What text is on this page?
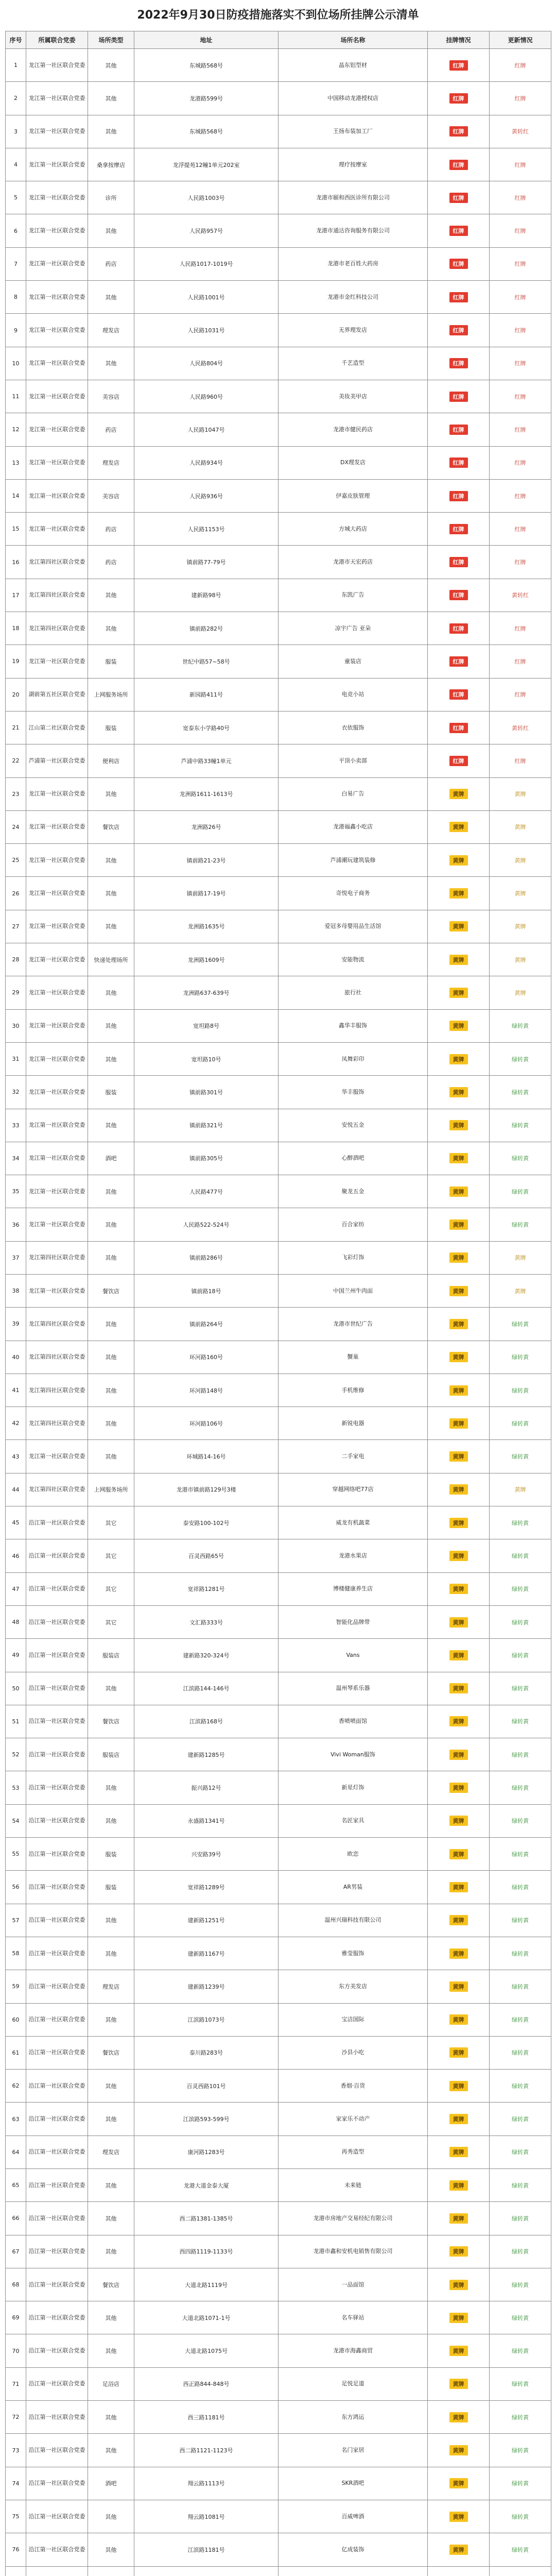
2022年9月30日防疫措施落实不到位场所挂牌公示清单
序号	所属联合党委	场所类型	地址	场所名称	挂牌情况	更新情况
1	龙江第一社区联合党委	其他	东城路568号	晶东铝型材	红牌	红牌
2	龙江第一社区联合党委	其他	龙港路599号	中国移动龙港授权店	红牌	红牌
3	龙江第一社区联合党委	其他	东城路568号	王扬布装加工厂	红牌	黄转红
4	龙江第一社区联合党委	桑拿按摩店	龙浮提苑12幢1单元202室	理疗按摩室	红牌	红牌
5	龙江第一社区联合党委	诊所	人民路1003号	龙港市颐和西医诊所有限公司	红牌	红牌
6	龙江第一社区联合党委	其他	人民路957号	龙港市通达咨询服务有限公司	红牌	红牌
7	龙江第一社区联合党委	药店	人民路1017-1019号	龙港市老百姓大药房	红牌	红牌
8	龙江第一社区联合党委	其他	人民路1001号	龙港市金红科技公司	红牌	红牌
9	龙江第一社区联合党委	理发店	人民路1031号	无界理发店	红牌	红牌
10	龙江第一社区联合党委	其他	人民路804号	千艺造型	红牌	红牌
11	龙江第一社区联合党委	美容店	人民路960号	美妆美甲店	红牌	红牌
12	龙江第一社区联合党委	药店	人民路1047号	龙港市健民药店	红牌	红牌
13	龙江第一社区联合党委	理发店	人民路934号	DX理发店	红牌	红牌
14	龙江第一社区联合党委	美容店	人民路936号	伊嘉皮肤管理	红牌	红牌
15	龙江第一社区联合党委	药店	人民路1153号	方城大药店	红牌	红牌
16	龙江第四社区联合党委	药店	镇前路77-79号	龙港市天宏药店	红牌	红牌
17	龙江第四社区联合党委	其他	建新路98号	东凯广告	红牌	黄转红
18	龙江第四社区联合党委	其他	镇前路282号	凉宇广告 亚朵	红牌	红牌
19	龙江第一社区联合党委	服装	世纪中路57~58号	童装店	红牌	红牌
20	湖前第五社区联合党委	上网服务场所	新园路411号	电竞小站	红牌	红牌
21	江山第二社区联合党委	服装	宽泰东小学路40号	衣依服饰	红牌	黄转红
22	芦浦第一社区联合党委	便利店	芦浦中路33幢1单元	平顶小卖部	红牌	红牌
23	龙江第一社区联合党委	其他	龙洲路1611-1613号	白易广告	黄牌	黄牌
24	龙江第一社区联合党委	餐饮店	龙洲路26号	龙港福鑫小吃店	黄牌	黄牌
25	龙江第一社区联合党委	其他	镇前路21-23号	芦浦潮玩建筑装修	黄牌	黄牌
26	龙江第一社区联合党委	其他	镇前路17-19号	奇悦电子商务	黄牌	黄牌
27	龙江第一社区联合党委	其他	龙洲路1635号	爱冠多母婴用品生活馆	黄牌	黄牌
28	龙江第一社区联合党委	快递处理场所	龙洲路1609号	安能物流	黄牌	黄牌
29	龙江第一社区联合党委	其他	龙洲路637-639号	旅行社	黄牌	黄牌
30	龙江第一社区联合党委	其他	宽坦路8号	鑫华丰服饰	黄牌	绿转黄
31	龙江第一社区联合党委	其他	宽坦路10号	凤舞彩印	黄牌	绿转黄
32	龙江第一社区联合党委	服装	镇前路301号	华丰服饰	黄牌	绿转黄
33	龙江第一社区联合党委	其他	镇前路321号	安悦五金	黄牌	绿转黄
34	龙江第一社区联合党委	酒吧	镇前路305号	心醉酒吧	黄牌	绿转黄
35	龙江第一社区联合党委	其他	人民路477号	聚龙五金	黄牌	绿转黄
36	龙江第一社区联合党委	其他	人民路522-524号	百合家纺	黄牌	绿转黄
37	龙江第四社区联合党委	其他	镇前路286号	飞彩灯饰	黄牌	黄牌
38	龙江第一社区联合党委	餐饮店	镇前路18号	中国兰州牛肉面	黄牌	黄牌
39	龙江第四社区联合党委	其他	镇前路264号	龙港市世纪广告	黄牌	绿转黄
40	龙江第四社区联合党委	其他	环河路160号	蟹巢	黄牌	绿转黄
41	龙江第四社区联合党委	其他	环河路148号	手机维修	黄牌	绿转黄
42	龙江第四社区联合党委	其他	环河路106号	新锐电器	黄牌	绿转黄
43	龙江第一社区联合党委	其他	环城路14-16号	二手家电	黄牌	绿转黄
44	龙江第四社区联合党委	上网服务场所	龙港市镇前路129号3楼	穿越网络吧77店	黄牌	黄牌
45	沿江第一社区联合党委	其它	泰安路100-102号	威龙有机蔬菜	黄牌	绿转黄
46	沿江第一社区联合党委	其它	百灵西路65号	龙港水果店	黄牌	绿转黄
47	沿江第一社区联合党委	其它	宽祥路1281号	博楼健康养生店	黄牌	绿转黄
48	沿江第一社区联合党委	其它	文汇路333号	智能化品牌带	黄牌	绿转黄
49	沿江第一社区联合党委	服装店	建新路320-324号	Vans	黄牌	绿转黄
50	沿江第一社区联合党委	其他	江滨路144-146号	温州琴系乐器	黄牌	绿转黄
51	沿江第一社区联合党委	餐饮店	江滨路168号	香喷喷面馆	黄牌	绿转黄
52	沿江第一社区联合党委	服装店	建新路1285号	Vivi Woman服饰	黄牌	绿转黄
53	沿江第一社区联合党委	其他	振兴路12号	新星灯饰	黄牌	绿转黄
54	沿江第一社区联合党委	其他	永盛路1341号	名匠家具	黄牌	绿转黄
55	沿江第一社区联合党委	服装	兴安路39号	欧恋	黄牌	绿转黄
56	沿江第一社区联合党委	服装	宽祥路1289号	AR男装	黄牌	绿转黄
57	沿江第一社区联合党委	其他	建新路1251号	温州兴瑞科技有限公司	黄牌	绿转黄
58	沿江第一社区联合党委	其他	建新路1167号	雅莹服饰	黄牌	绿转黄
59	沿江第一社区联合党委	理发店	建新路1239号	东方美发店	黄牌	绿转黄
60	沿江第一社区联合党委	其他	江滨路1073号	宝洁国际	黄牌	绿转黄
61	沿江第一社区联合党委	餐饮店	泰川路283号	沙县小吃	黄牌	绿转黄
62	沿江第一社区联合党委	其他	百灵西路101号	香烟·百货	黄牌	绿转黄
63	沿江第一社区联合党委	其他	江滨路593-599号	家家乐不动产	黄牌	绿转黄
64	沿江第一社区联合党委	理发店	康河路1283号	再秀造型	黄牌	绿转黄
65	沿江第一社区联合党委	其他	龙港大道金泰大厦	未来链	黄牌	绿转黄
66	沿江第一社区联合党委	其他	西二路1381-1385号	龙港市房地产交易经纪有限公司	黄牌	绿转黄
67	沿江第一社区联合党委	其他	西四路1119-1133号	龙港市鑫和安机电销售有限公司	黄牌	绿转黄
68	沿江第一社区联合党委	餐饮店	大道北路1119号	一品面馆	黄牌	绿转黄
69	沿江第一社区联合党委	其他	大道北路1071-1号	名车驿站	黄牌	绿转黄
70	沿江第一社区联合党委	其他	大道北路1075号	龙港市海鑫商贸	黄牌	绿转黄
71	沿江第一社区联合党委	足浴店	西正路844-848号	足悦足道	黄牌	绿转黄
72	沿江第一社区联合党委	其他	西三路1181号	东方鸿运	黄牌	绿转黄
73	沿江第一社区联合党委	其他	西二路1121-1123号	名门家居	黄牌	绿转黄
74	沿江第一社区联合党委	酒吧	翔云路1113号	SKR酒吧	黄牌	绿转黄
75	沿江第一社区联合党委	其他	翔云路1081号	百威啤酒	黄牌	绿转黄
76	沿江第一社区联合党委	其他	江滨路1181号	亿成装饰	黄牌	绿转黄
